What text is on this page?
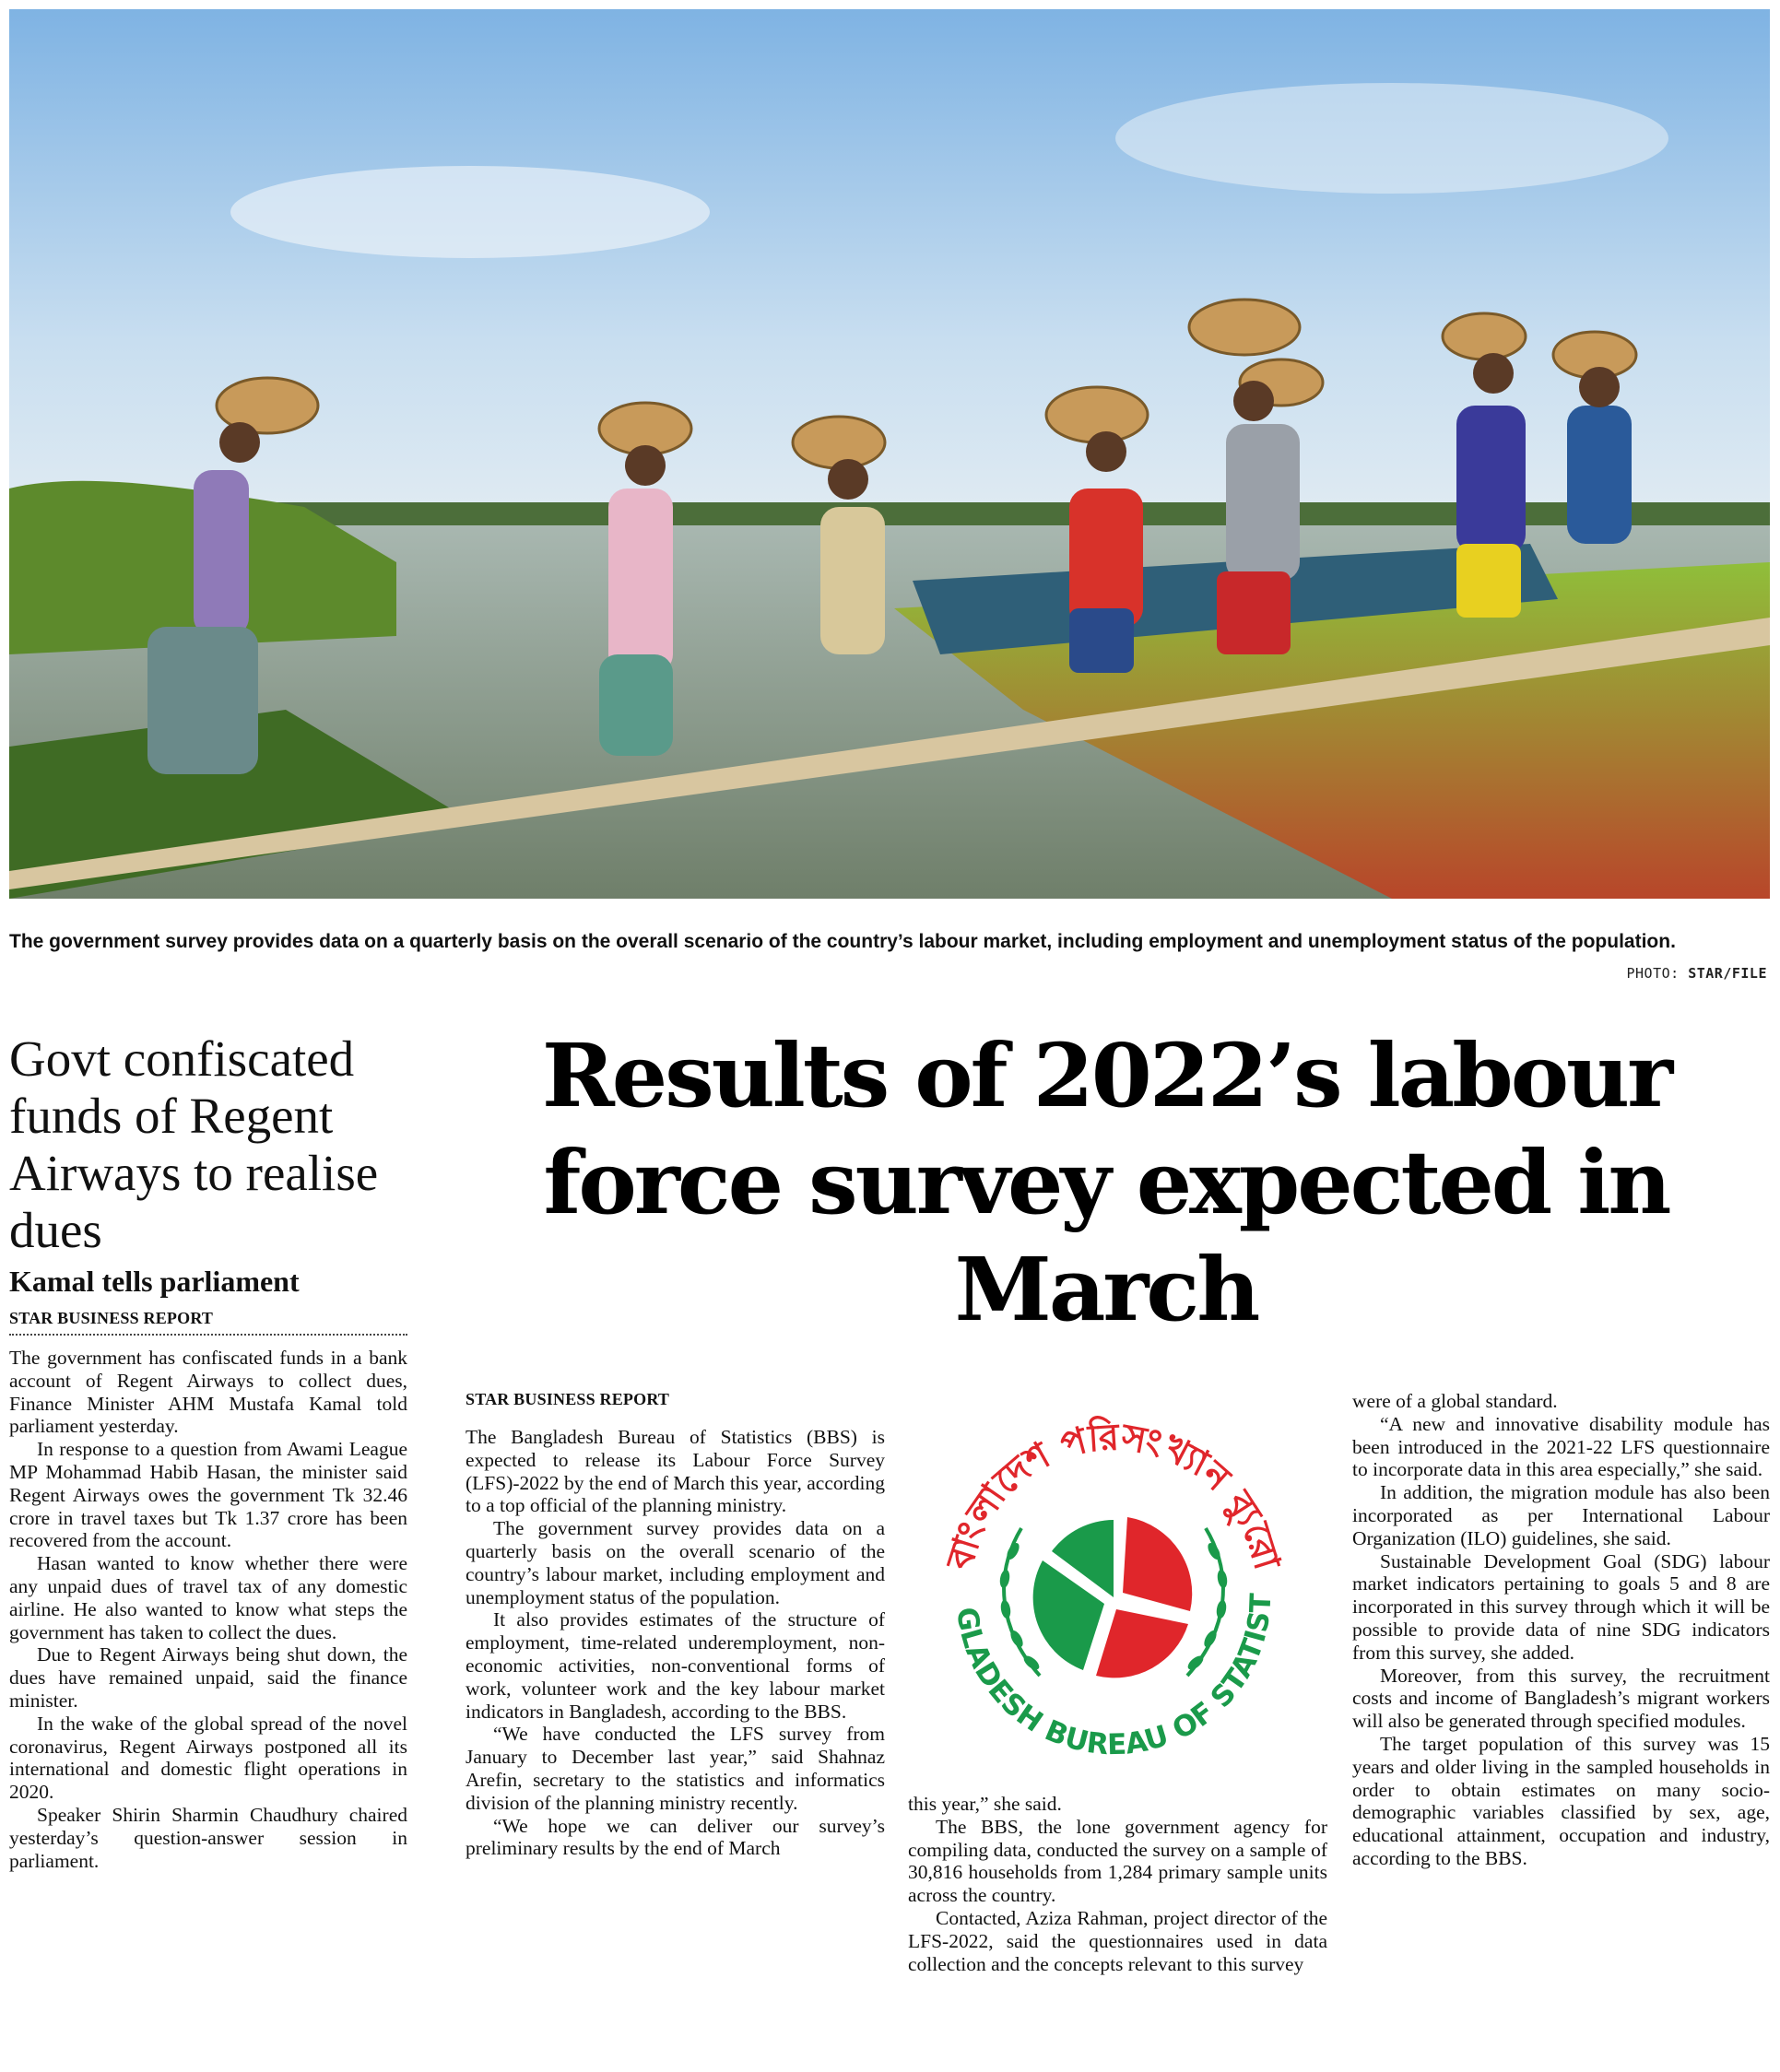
The government survey provides data on a quarterly basis on the overall scenario of the country’s labour market, including employment and unemployment status of the population.
PHOTO: STAR/FILE
Govt confiscated funds of Regent Airways to realise dues
Kamal tells parliament
STAR BUSINESS REPORT

The government has confiscated funds in a bank account of Regent Airways to collect dues, Finance Minister AHM Mustafa Kamal told parliament yesterday.

In response to a question from Awami League MP Mohammad Habib Hasan, the minister said Regent Airways owes the government Tk 32.46 crore in travel taxes but Tk 1.37 crore has been recovered from the account.

Hasan wanted to know whether there were any unpaid dues of travel tax of any domestic airline. He also wanted to know what steps the government has taken to collect the dues.

Due to Regent Airways being shut down, the dues have remained unpaid, said the finance minister.

In the wake of the global spread of the novel coronavirus, Regent Airways postponed all its international and domestic flight operations in 2020.

Speaker Shirin Sharmin Chaudhury chaired yesterday’s question-answer session in parliament.

Results of 2022’s labour force survey expected in March
STAR BUSINESS REPORT

The Bangladesh Bureau of Statistics (BBS) is expected to release its Labour Force Survey (LFS)-2022 by the end of March this year, according to a top official of the planning ministry.

The government survey provides data on a quarterly basis on the overall scenario of the country’s labour market, including employment and unemployment status of the population.

It also provides estimates of the structure of employment, time-related underemployment, non-economic activities, non-conventional forms of work, volunteer work and the key labour market indicators in Bangladesh, according to the BBS.

“We have conducted the LFS survey from January to December last year,” said Shahnaz Arefin, secretary to the statistics and informatics division of the planning ministry recently.

“We hope we can deliver our survey’s preliminary results by the end of March

বাংলাদেশ পরিসংখ্যান ব্যুরো
GLADESH BUREAU OF STATIST

this year,” she said.

The BBS, the lone government agency for compiling data, conducted the survey on a sample of 30,816 households from 1,284 primary sample units across the country.

Contacted, Aziza Rahman, project director of the LFS-2022, said the questionnaires used in data collection and the concepts relevant to this survey

were of a global standard.

“A new and innovative disability module has been introduced in the 2021-22 LFS questionnaire to incorporate data in this area especially,” she said.

In addition, the migration module has also been incorporated as per International Labour Organization (ILO) guidelines, she said.

Sustainable Development Goal (SDG) labour market indicators pertaining to goals 5 and 8 are incorporated in this survey through which it will be possible to provide data of nine SDG indicators from this survey, she added.

Moreover, from this survey, the recruitment costs and income of Bangladesh’s migrant workers will also be generated through specified modules.

The target population of this survey was 15 years and older living in the sampled households in order to obtain estimates on many socio-demographic variables classified by sex, age, educational attainment, occupation and industry, according to the BBS.
